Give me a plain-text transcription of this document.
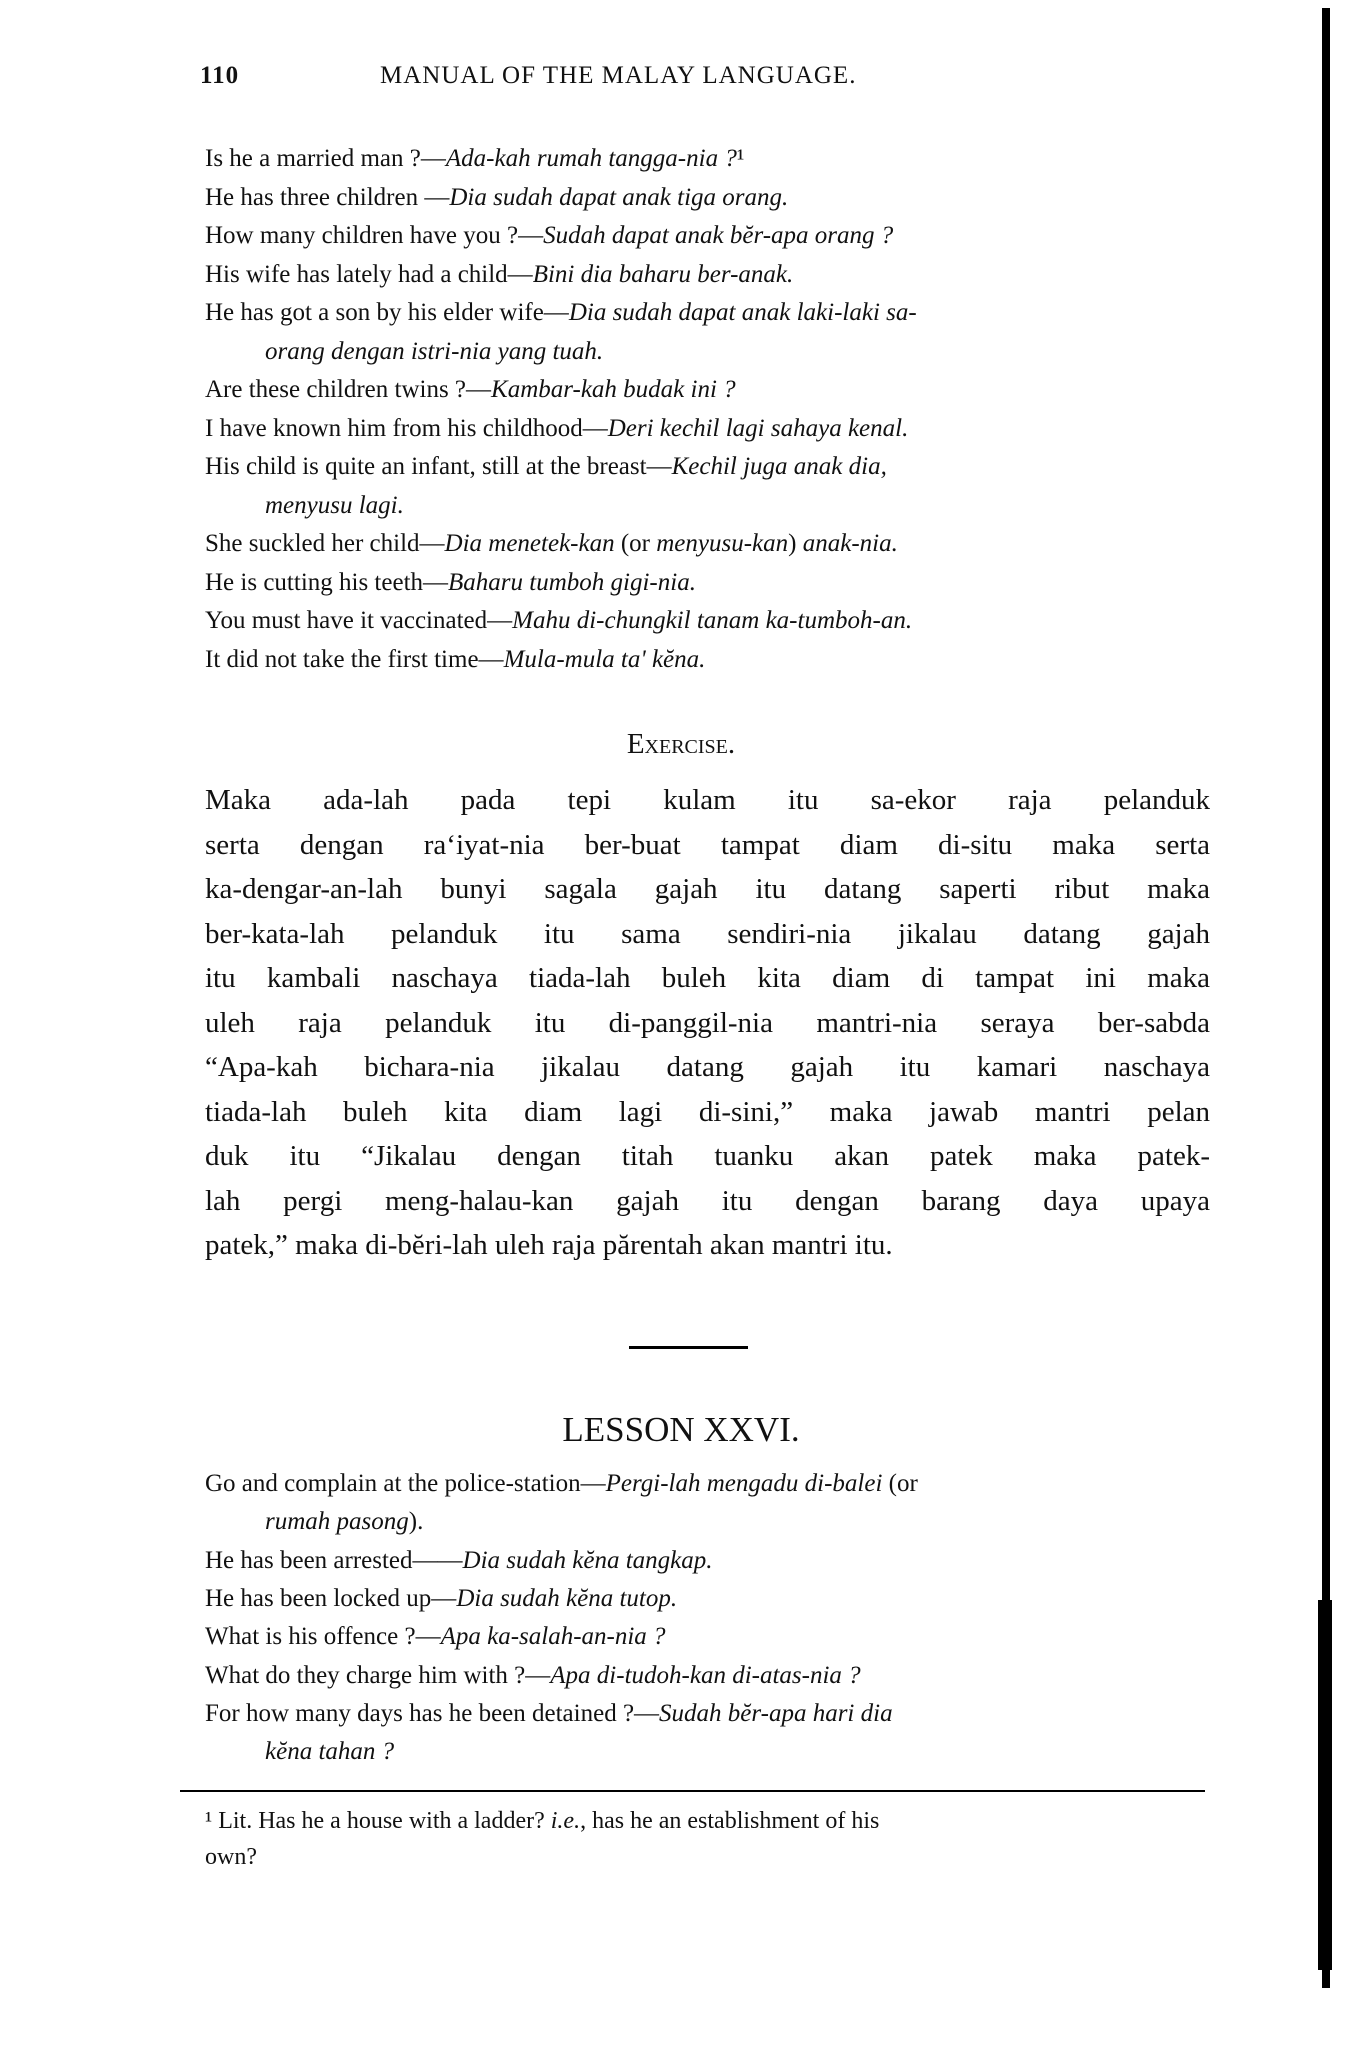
110	MANUAL OF THE MALAY LANGUAGE.
Is he a married man ?—Ada-kah rumah tangga-nia ?¹
He has three children —Dia sudah dapat anak tiga orang.
How many children have you ?—Sudah dapat anak bĕr-apa orang ?
His wife has lately had a child—Bini dia baharu ber-anak.
He has got a son by his elder wife—Dia sudah dapat anak laki-laki sa-
orang dengan istri-nia yang tuah.
Are these children twins ?—Kambar-kah budak ini ?
I have known him from his childhood—Deri kechil lagi sahaya kenal.
His child is quite an infant, still at the breast—Kechil juga anak dia,
menyusu lagi.
She suckled her child—Dia menetek-kan (or menyusu-kan) anak-nia.
He is cutting his teeth—Baharu tumboh gigi-nia.
You must have it vaccinated—Mahu di-chungkil tanam ka-tumboh-an.
It did not take the first time—Mula-mula ta' kĕna.
Exercise.
Maka ada-lah pada tepi kulam itu sa-ekor raja pelanduk
serta dengan ra‘iyat-nia ber-buat tampat diam di-situ maka serta
ka-dengar-an-lah bunyi sagala gajah itu datang saperti ribut maka
ber-kata-lah pelanduk itu sama sendiri-nia jikalau datang gajah
itu kambali naschaya tiada-lah buleh kita diam di tampat ini maka
uleh raja pelanduk itu di-panggil-nia mantri-nia seraya ber-sabda
“Apa-kah bichara-nia jikalau datang gajah itu kamari naschaya
tiada-lah buleh kita diam lagi di-sini,” maka jawab mantri pelan
duk itu “Jikalau dengan titah tuanku akan patek maka patek-
lah pergi meng-halau-kan gajah itu dengan barang daya upaya
patek,” maka di-bĕri-lah uleh raja părentah akan mantri itu.
LESSON XXVI.
Go and complain at the police-station—Pergi-lah mengadu di-balei (or
rumah pasong).
He has been arrested——Dia sudah kĕna tangkap.
He has been locked up—Dia sudah kĕna tutop.
What is his offence ?—Apa ka-salah-an-nia ?
What do they charge him with ?—Apa di-tudoh-kan di-atas-nia ?
For how many days has he been detained ?—Sudah bĕr-apa hari dia
kĕna tahan ?
¹ Lit. Has he a house with a ladder? i.e., has he an establishment of his
own?
